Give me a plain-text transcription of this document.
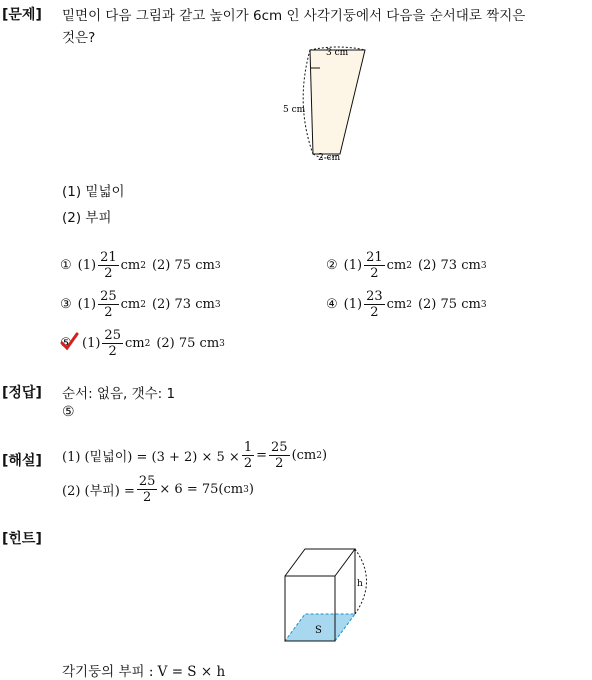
[문제] 밑면이 다음 그림과 같고 높이가 6cm 인 사각기둥에서 다음을 순서대로 짝지은
것은?
3 cm
5 cm
2 cm
(1) 밑넓이
(2) 부피
① $(1) \frac{21}{2}$ cm 2 (2) 75 cm 3	② $(1) \frac{21}{2}$ cm 2 (2) 73 cm 3
③ $(1) \frac{25}{2}$ cm 2 (2) 73 cm 3	④ $(1) \frac{23}{2}$ cm 2 (2) 75 cm 3
⑤ $(1) \frac{25}{2}$ cm 2 (2) 75 cm 3
[정답] 순서: 없음, 갯수: 1
⑤
[해설] (1) (밑넓이) = $(3 + 2) \times 5 \times \frac{1}{2} = \frac{25}{2} (cm$ 2 )
(2) (부피) = $\frac{25}{2} \times 6 = 75(cm$ 3 )
[힌트]
S
h
각기둥의 부피 : V = S × h
